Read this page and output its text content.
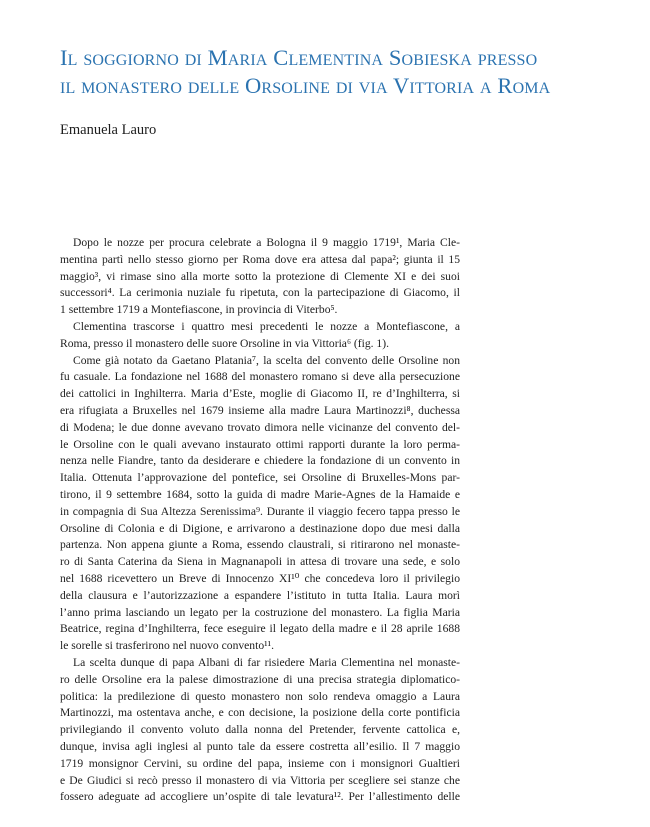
Il soggiorno di Maria Clementina Sobieska presso
il monastero delle Orsoline di via Vittoria a Roma

Emanuela Lauro

Dopo le nozze per procura celebrate a Bologna il 9 maggio 1719¹, Maria Cle-
mentina partì nello stesso giorno per Roma dove era attesa dal papa²; giunta il 15
maggio³, vi rimase sino alla morte sotto la protezione di Clemente XI e dei suoi
successori⁴. La cerimonia nuziale fu ripetuta, con la partecipazione di Giacomo, il
1 settembre 1719 a Montefiascone, in provincia di Viterbo⁵.

Clementina trascorse i quattro mesi precedenti le nozze a Montefiascone, a
Roma, presso il monastero delle suore Orsoline in via Vittoria⁶ (fig. 1).

Come già notato da Gaetano Platania⁷, la scelta del convento delle Orsoline non
fu casuale. La fondazione nel 1688 del monastero romano si deve alla persecuzione
dei cattolici in Inghilterra. Maria d’Este, moglie di Giacomo II, re d’Inghilterra, si
era rifugiata a Bruxelles nel 1679 insieme alla madre Laura Martinozzi⁸, duchessa
di Modena; le due donne avevano trovato dimora nelle vicinanze del convento del-
le Orsoline con le quali avevano instaurato ottimi rapporti durante la loro perma-
nenza nelle Fiandre, tanto da desiderare e chiedere la fondazione di un convento in
Italia. Ottenuta l’approvazione del pontefice, sei Orsoline di Bruxelles-Mons par-
tirono, il 9 settembre 1684, sotto la guida di madre Marie-Agnes de la Hamaide e
in compagnia di Sua Altezza Serenissima⁹. Durante il viaggio fecero tappa presso le
Orsoline di Colonia e di Digione, e arrivarono a destinazione dopo due mesi dalla
partenza. Non appena giunte a Roma, essendo claustrali, si ritirarono nel monaste-
ro di Santa Caterina da Siena in Magnanapoli in attesa di trovare una sede, e solo
nel 1688 ricevettero un Breve di Innocenzo XI¹⁰ che concedeva loro il privilegio
della clausura e l’autorizzazione a espandere l’istituto in tutta Italia. Laura morì
l’anno prima lasciando un legato per la costruzione del monastero. La figlia Maria
Beatrice, regina d’Inghilterra, fece eseguire il legato della madre e il 28 aprile 1688
le sorelle si trasferirono nel nuovo convento¹¹.

La scelta dunque di papa Albani di far risiedere Maria Clementina nel monaste-
ro delle Orsoline era la palese dimostrazione di una precisa strategia diplomatico-
politica: la predilezione di questo monastero non solo rendeva omaggio a Laura
Martinozzi, ma ostentava anche, e con decisione, la posizione della corte pontificia
privilegiando il convento voluto dalla nonna del Pretender, fervente cattolica e,
dunque, invisa agli inglesi al punto tale da essere costretta all’esilio. Il 7 maggio
1719 monsignor Cervini, su ordine del papa, insieme con i monsignori Gualtieri
e De Giudici si recò presso il monastero di via Vittoria per scegliere sei stanze che
fossero adeguate ad accogliere un’ospite di tale levatura¹². Per l’allestimento delle
